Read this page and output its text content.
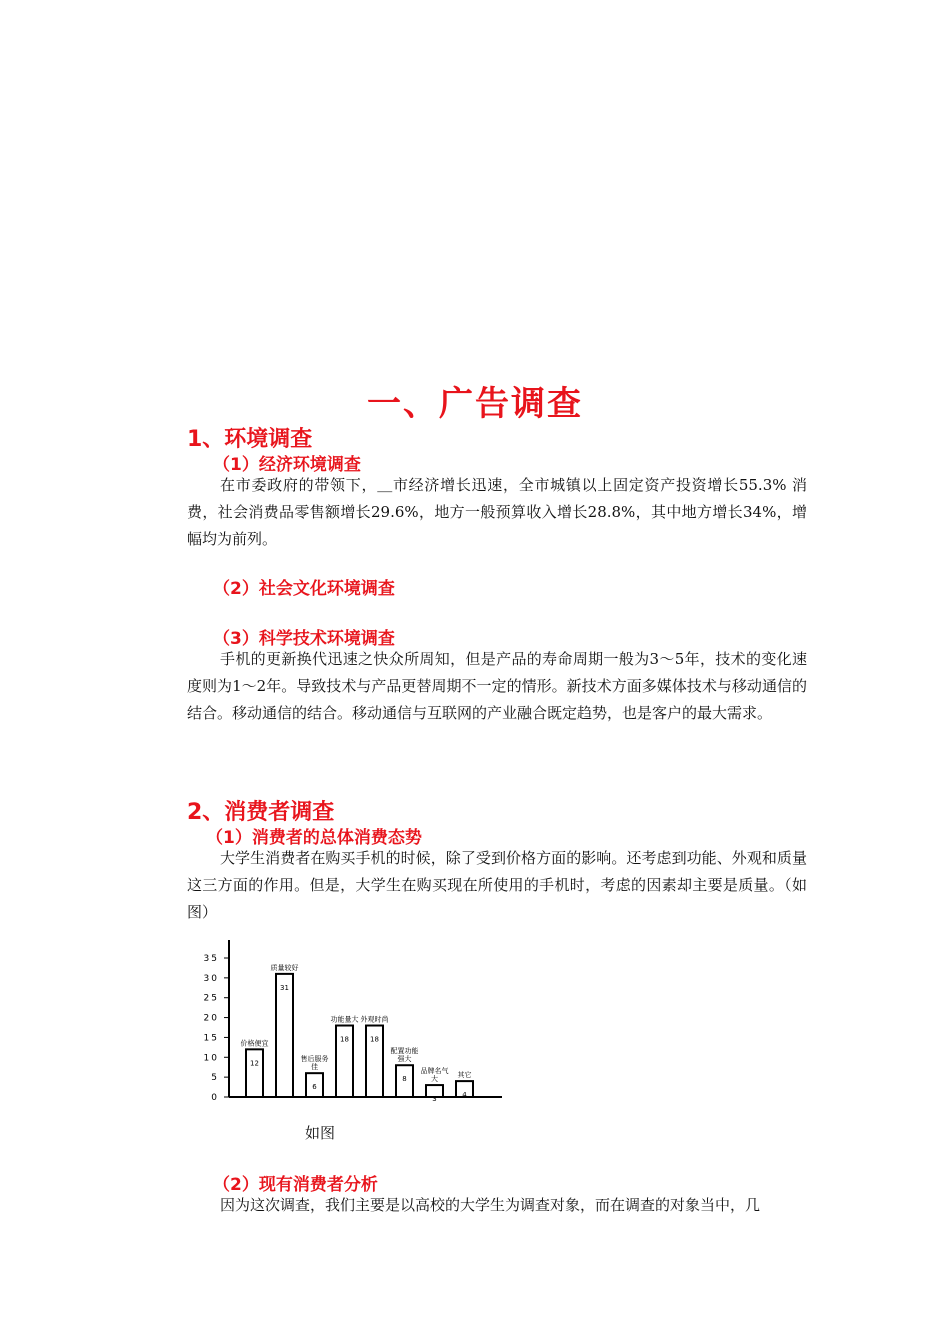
一、广告调查
1、环境调查
（1）经济环境调查

在市委政府的带领下，＿市经济增长迅速，全市城镇以上固定资产投资增长55.3% 消费，社会消费品零售额增长29.6%，地方一般预算收入增长28.8%，其中地方增长34%，增幅均为前列。

（2）社会文化环境调查
（3）科学技术环境调查

手机的更新换代迅速之快众所周知，但是产品的寿命周期一般为3～5年，技术的变化速度则为1～2年。导致技术与产品更替周期不一定的情形。新技术方面多媒体技术与移动通信的结合。移动通信的结合。移动通信与互联网的产业融合既定趋势，也是客户的最大需求。

2、消费者调查
（1）消费者的总体消费态势

大学生消费者在购买手机的时候，除了受到价格方面的影响。还考虑到功能、外观和质量这三方面的作用。但是，大学生在购买现在所使用的手机时，考虑的因素却主要是质量。（如图）

0
5
10
15
20
25
30
35
12
价格便宜
31
质量较好
6
售后服务
佳
18
功能量大
18
外观时尚
8
配置功能
强大
3
品牌名气
大
4
其它
如图
（2）现有消费者分析

因为这次调查，我们主要是以高校的大学生为调查对象，而在调查的对象当中，几
